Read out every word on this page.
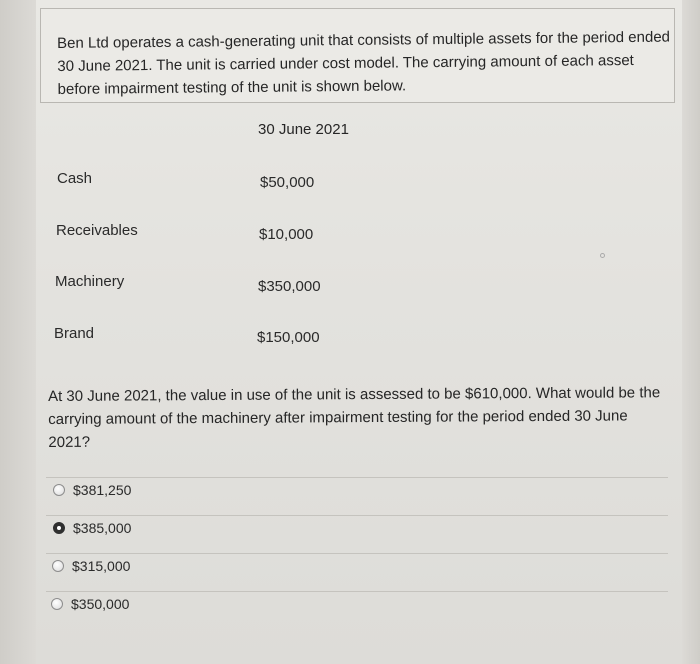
Ben Ltd operates a cash-generating unit that consists of multiple assets for the period ended 30 June 2021. The unit is carried under cost model. The carrying amount of each asset before impairment testing of the unit is shown below.
30 June 2021
Cash	$50,000
Receivables	$10,000
Machinery	$350,000
Brand	$150,000
At 30 June 2021, the value in use of the unit is assessed to be $610,000. What would be the carrying amount of the machinery after impairment testing for the period ended 30 June 2021?
$381,250
$385,000
$315,000
$350,000
